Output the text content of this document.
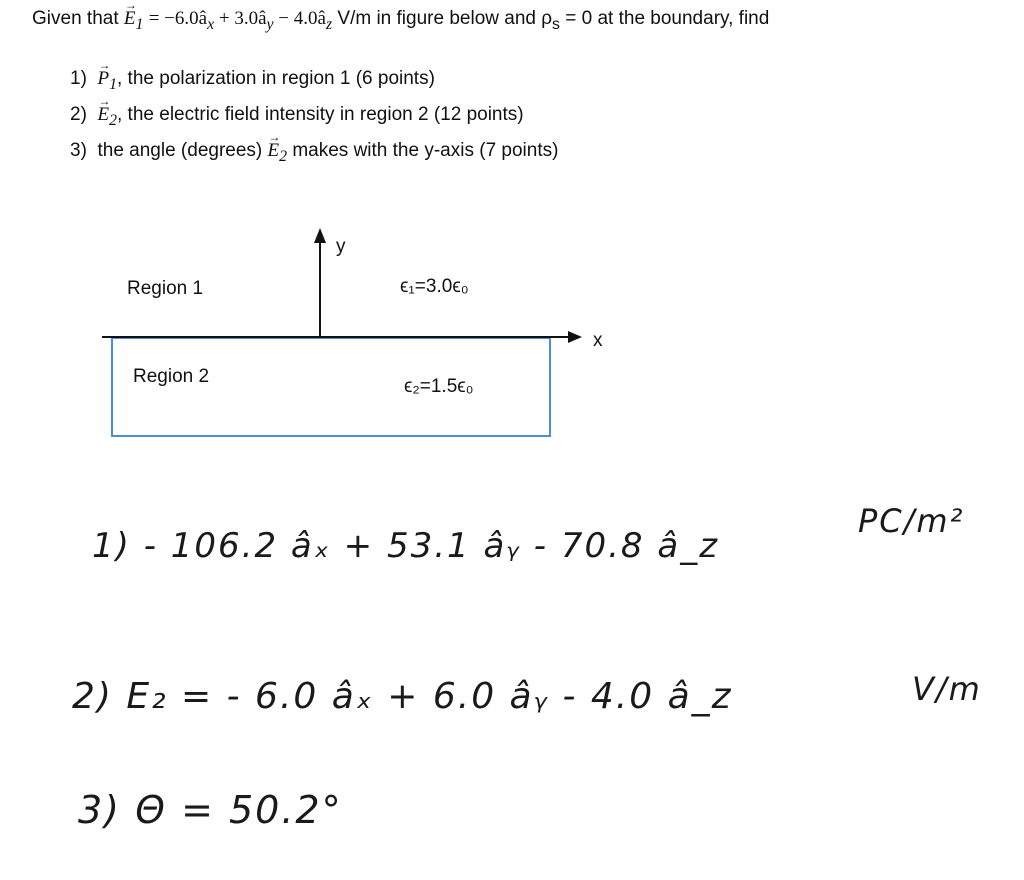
Given that → $E_1$ = $-6.0â_x$ + $3.0â_y$ − $4.0â_z$ V/m in figure below and $\rho_s = 0$ at the boundary, find
$1) \to P_1$, the polarization in region 1 (6 points)
$2) \to E_2$, the electric field intensity in region 2 (12 points)
3) the angle (degrees) → $E_2$ makes with the y-axis (7 points)
y
x
Region 1
Region 2
ϵ₁=3.0ϵ₀
ϵ₂=1.5ϵ₀
1) - 106.2 âₓ + 53.1 âᵧ - 70.8 â_z
PC/m²
2) E₂ = - 6.0 âₓ + 6.0 âᵧ - 4.0 â_z	V/m
3) Θ = 50.2°
